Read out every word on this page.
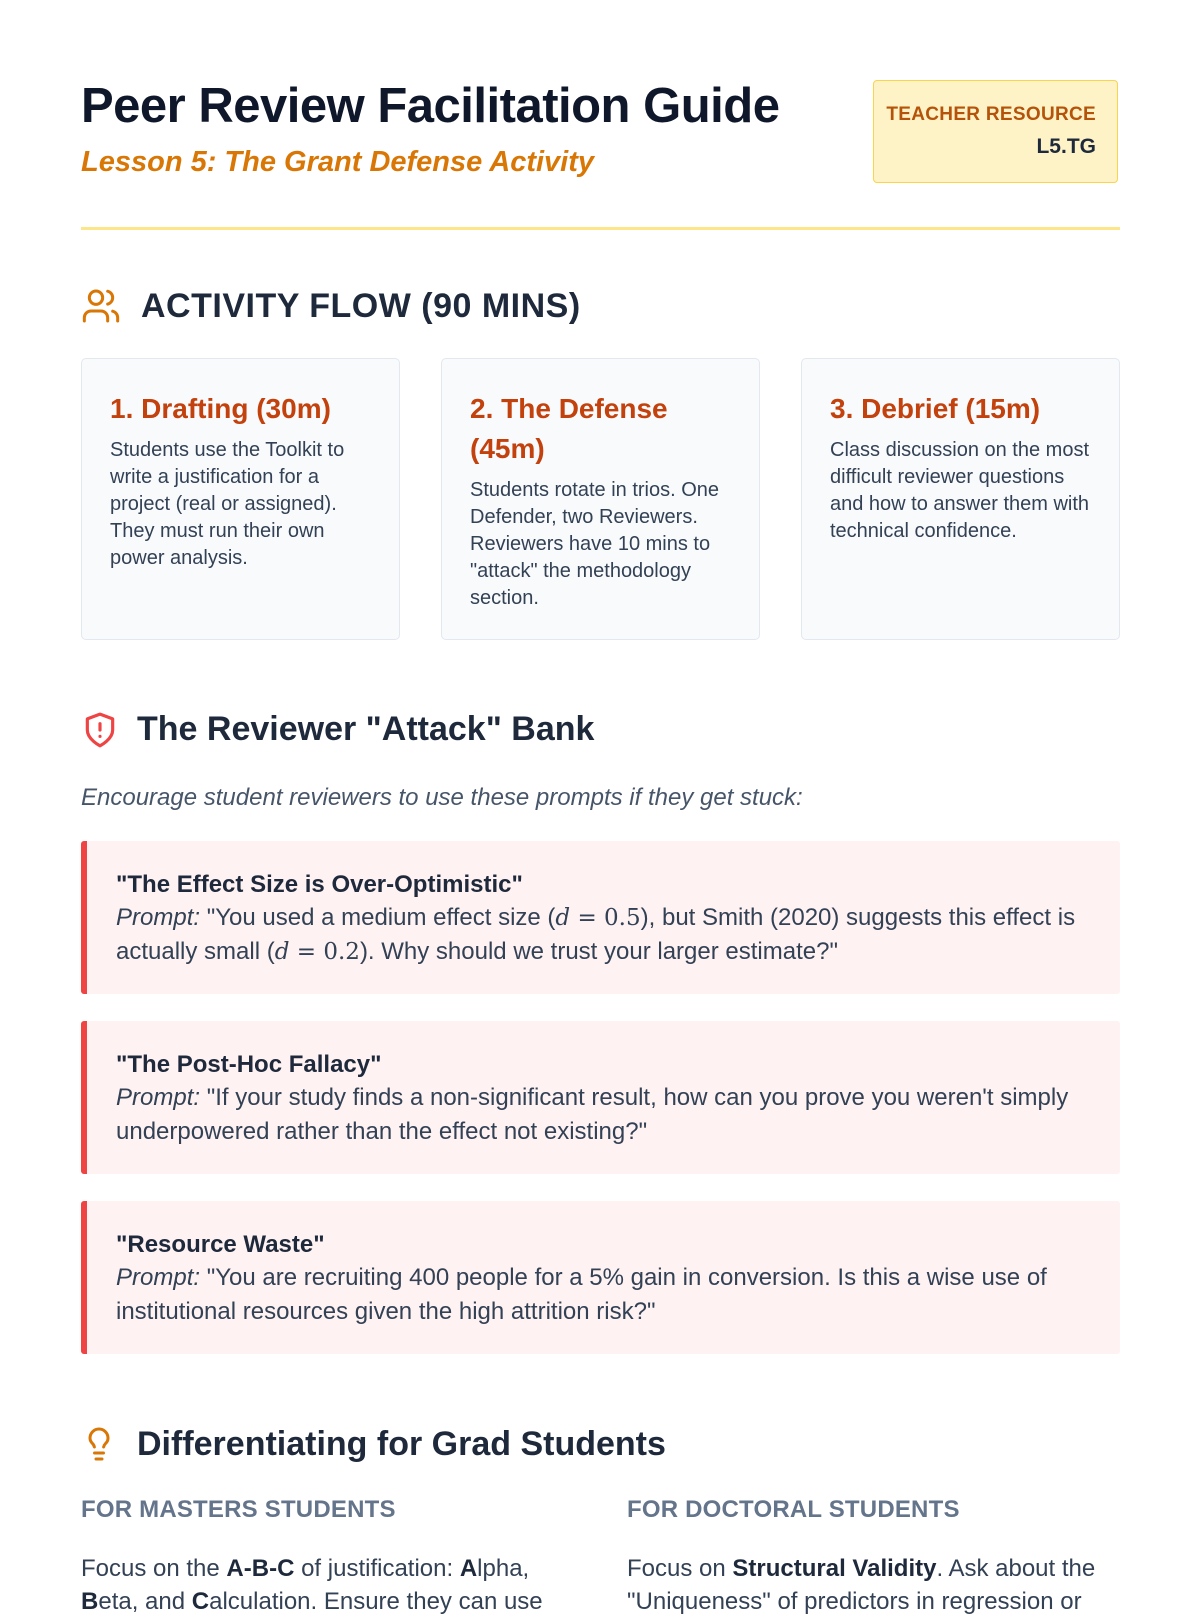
Peer Review Facilitation Guide
Lesson 5: The Grant Defense Activity
TEACHER RESOURCE
L5.TG
ACTIVITY FLOW (90 MINS)

1. Drafting (30m)

Students use the Toolkit to write a justification for a project (real or assigned). They must run their own power analysis.

2. The Defense (45m)

Students rotate in trios. One Defender, two Reviewers. Reviewers have 10 mins to "attack" the methodology section.

3. Debrief (15m)

Class discussion on the most difficult reviewer questions and how to answer them with technical confidence.

The Reviewer "Attack" Bank
Encourage student reviewers to use these prompts if they get stuck:
"The Effect Size is Over-Optimistic"
Prompt: "You used a medium effect size (d = 0.5), but Smith (2020) suggests this effect is actually small (d = 0.2). Why should we trust your larger estimate?"
"The Post-Hoc Fallacy"
Prompt: "If your study finds a non-significant result, how can you prove you weren't simply underpowered rather than the effect not existing?"
"Resource Waste"
Prompt: "You are recruiting 400 people for a 5% gain in conversion. Is this a wise use of institutional resources given the high attrition risk?"
Differentiating for Grad Students
FOR MASTERS STUDENTS
Focus on the A-B-C of justification: Alpha, Beta, and Calculation. Ensure they can use
FOR DOCTORAL STUDENTS
Focus on Structural Validity. Ask about the "Uniqueness" of predictors in regression or
